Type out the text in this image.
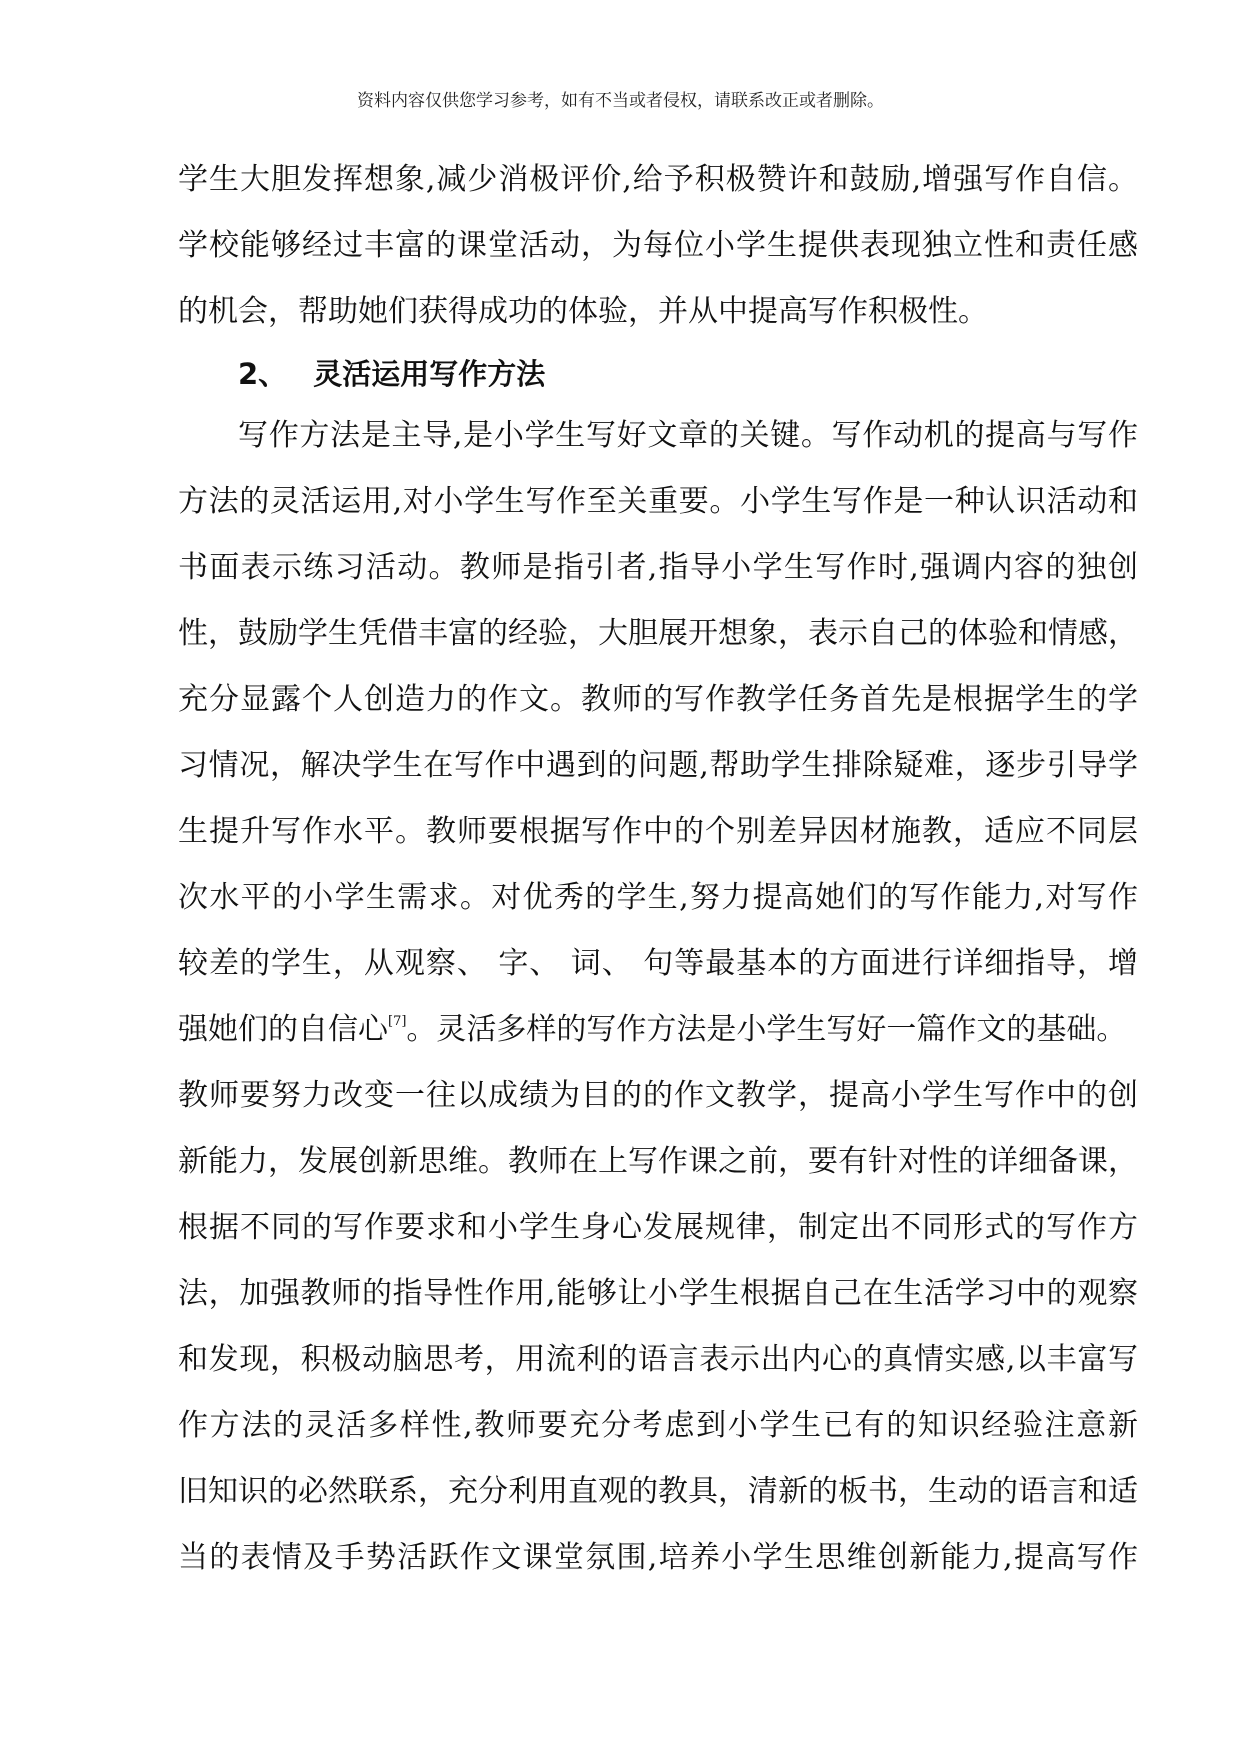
资料内容仅供您学习参考，如有不当或者侵权，请联系改正或者删除。
学生大胆发挥想象,减少消极评价,给予积极赞许和鼓励,增强写作自信。
学校能够经过丰富的课堂活动，为每位小学生提供表现独立性和责任感
的机会，帮助她们获得成功的体验，并从中提高写作积极性。
2、 灵活运用写作方法
写作方法是主导,是小学生写好文章的关键。写作动机的提高与写作
方法的灵活运用,对小学生写作至关重要。小学生写作是一种认识活动和
书面表示练习活动。教师是指引者,指导小学生写作时,强调内容的独创
性，鼓励学生凭借丰富的经验，大胆展开想象，表示自己的体验和情感，
充分显露个人创造力的作文。教师的写作教学任务首先是根据学生的学
习情况，解决学生在写作中遇到的问题,帮助学生排除疑难，逐步引导学
生提升写作水平。教师要根据写作中的个别差异因材施教，适应不同层
次水平的小学生需求。对优秀的学生,努力提高她们的写作能力,对写作
较差的学生，从观察、 字、 词、 句等最基本的方面进行详细指导，增
强她们的自信心[7]。灵活多样的写作方法是小学生写好一篇作文的基础。
教师要努力改变一往以成绩为目的的作文教学，提高小学生写作中的创
新能力，发展创新思维。教师在上写作课之前，要有针对性的详细备课，
根据不同的写作要求和小学生身心发展规律，制定出不同形式的写作方
法，加强教师的指导性作用,能够让小学生根据自己在生活学习中的观察
和发现，积极动脑思考，用流利的语言表示出内心的真情实感,以丰富写
作方法的灵活多样性,教师要充分考虑到小学生已有的知识经验注意新
旧知识的必然联系，充分利用直观的教具，清新的板书，生动的语言和适
当的表情及手势活跃作文课堂氛围,培养小学生思维创新能力,提高写作
